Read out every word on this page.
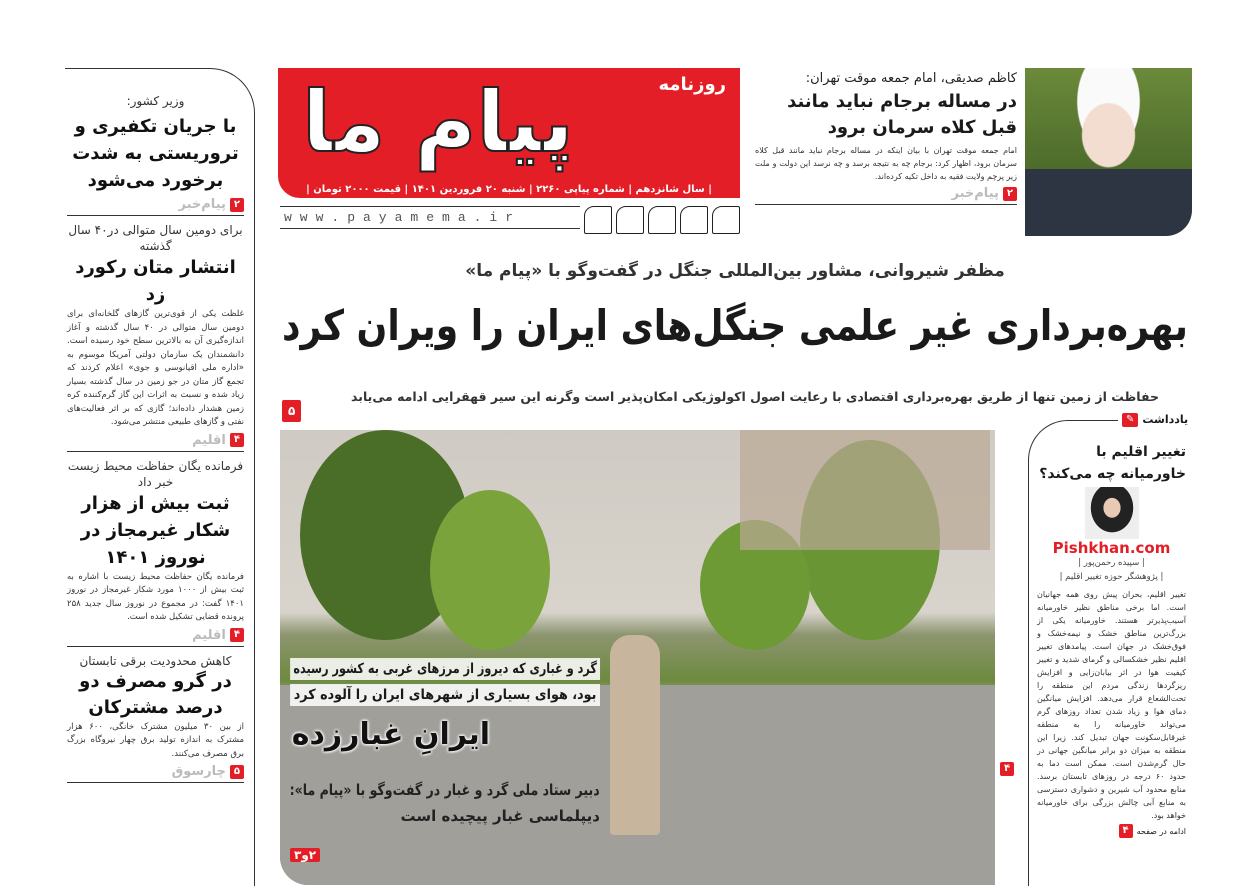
وزیر کشور:
با جریان تکفیری و تروریستی به شدت برخورد می‌شود
۲
پیام‌خبر
برای دومین سال متوالی در۴۰ سال گذشته
انتشار متان رکورد زد
غلظت یکی از قوی‌ترین گازهای گلخانه‌ای برای دومین سال متوالی در ۴۰ سال گذشته و آغاز اندازه‌گیری آن به بالاترین سطح خود رسیده است. دانشمندان یک سازمان دولتی آمریکا موسوم به «اداره ملی اقیانوسی و جوی» اعلام کردند که تجمع گاز متان در جو زمین در سال گذشته بسیار زیاد شده و نسبت به اثرات این گاز گرم‌کننده کره زمین هشدار داده‌اند؛ گازی که بر اثر فعالیت‌های نفتی و گازهای طبیعی منتشر می‌شود.
۴
اقلیم
فرمانده یگان حفاظت محیط زیست خبر داد
ثبت بیش از هزار شکار غیرمجاز در نوروز ۱۴۰۱
فرمانده یگان حفاظت محیط زیست با اشاره به ثبت بیش از ۱۰۰۰ مورد شکار غیرمجاز در نوروز ۱۴۰۱ گفت: در مجموع در نوروز سال جدید ۲۵۸ پرونده قضایی تشکیل شده است.
۴
اقلیم
کاهش محدودیت برقی تابستان
در گرو مصرف دو درصد مشترکان
از بین ۳۰ میلیون مشترک خانگی، ۶۰۰ هزار مشترک به اندازه تولید برق چهار نیروگاه بزرگ برق مصرف می‌کنند.
۵
چارسوق
روزنامه
پیام ما
| سال شانزدهم | شماره پیاپی ۲۲۶۰ | شنبه ۲۰ فروردین ۱۴۰۱ | قیمت ۲۰۰۰ تومان |
www.payamema.ir
کاظم صدیقی، امام جمعه موقت تهران:
در مساله برجام نباید مانند قبل کلاه سرمان برود
امام جمعه موقت تهران با بیان اینکه در مساله برجام نباید مانند قبل کلاه سرمان برود، اظهار کرد: برجام چه به نتیجه برسد و چه نرسد این دولت و ملت زیر پرچم ولایت فقیه به داخل تکیه کرده‌اند.
۲
پیام‌خبر
مظفر شیروانی، مشاور بین‌المللی جنگل در گفت‌وگو با «پیام ما»
بهره‌برداری غیر علمی جنگل‌های ایران را ویران کرد
حفاظت از زمین تنها از طریق بهره‌برداری اقتصادی با رعایت اصول اکولوژیکی امکان‌پذیر است وگرنه این سیر قهقرایی ادامه می‌یابد
۵
گرد و غباری که دیروز از مرزهای غربی به کشور رسیده
بود، هوای بسیاری از شهرهای ایران را آلوده کرد
ایرانِ غبارزده
دبیر ستاد ملی گرد و غبار در گفت‌وگو با «پیام ما»:
دیپلماسی غبار پیچیده است
۲و۳
۴
تغییر اقلیم با خاورمیانه چه می‌کند؟
Pishkhan.com
| سپیده رحمن‌پور |
| پژوهشگر حوزه تغییر اقلیم |
تغییر اقلیم، بحران پیش روی همه جهانیان است. اما برخی مناطق نظیر خاورمیانه آسیب‌پذیرتر هستند. خاورمیانه یکی از بزرگ‌ترین مناطق خشک و نیمه‌خشک و فوق‌خشک در جهان است. پیامدهای تغییر اقلیم نظیر خشکسالی و گرمای شدید و تغییر کیفیت هوا در اثر بیابان‌زایی و افزایش ریزگردها زندگی مردم این منطقه را تحت‌الشعاع قرار می‌دهد. افزایش میانگین دمای هوا و زیاد شدن تعداد روزهای گرم می‌تواند خاورمیانه را به منطقه غیرقابل‌سکونت جهان تبدیل کند. زیرا این منطقه به میزان دو برابر میانگین جهانی در حال گرم‌شدن است. ممکن است دما به حدود ۶۰ درجه در روزهای تابستان برسد. منابع محدود آب شیرین و دشواری دسترسی به منابع آبی چالش بزرگی برای خاورمیانه خواهد بود.
ادامه در صفحه
۴
یادداشت
✎
